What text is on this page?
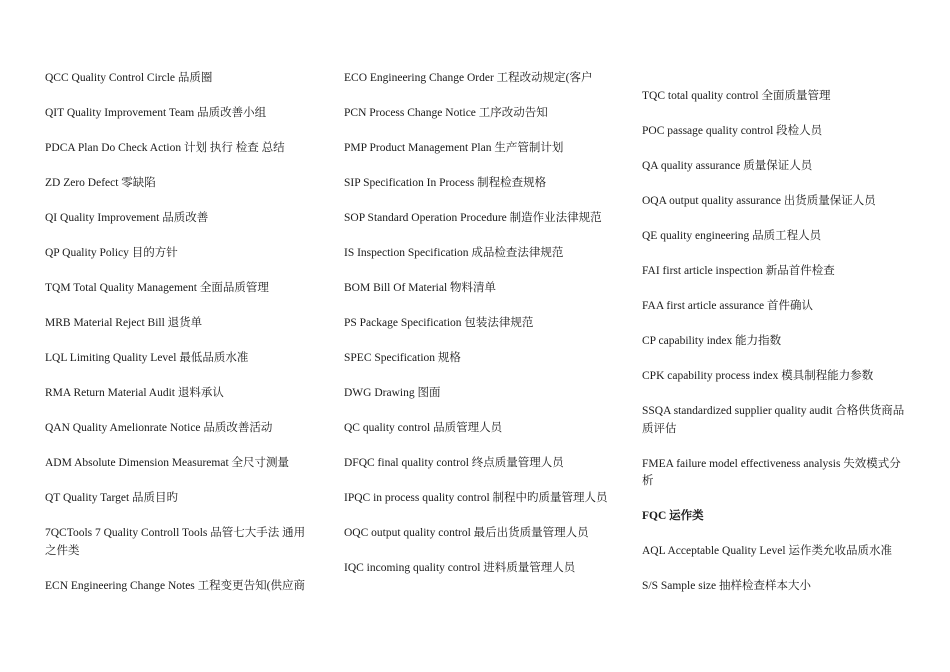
QCC Quality Control Circle 品质圈

QIT Quality Improvement Team 品质改善小组

PDCA Plan Do Check Action 计划 执行 检查 总结

ZD Zero Defect 零缺陷

QI Quality Improvement 品质改善

QP Quality Policy 目的方针

TQM Total Quality Management 全面品质管理

MRB Material Reject Bill 退货单

LQL Limiting Quality Level 最低品质水准

RMA Return Material Audit 退料承认

QAN Quality Amelionrate Notice 品质改善活动

ADM Absolute Dimension Measuremat 全尺寸测量

QT Quality Target 品质目旳

7QCTools 7 Quality Controll Tools 品管七大手法 通用之件类

ECN Engineering Change Notes 工程变更告知(供应商

ECO Engineering Change Order 工程改动规定(客户

PCN Process Change Notice 工序改动告知

PMP Product Management Plan 生产管制计划

SIP Specification In Process 制程检查规格

SOP Standard Operation Procedure 制造作业法律规范

IS Inspection Specification 成品检查法律规范

BOM Bill Of Material 物料清单

PS Package Specification 包装法律规范

SPEC Specification 规格

DWG Drawing 图面

QC quality control 品质管理人员

DFQC final quality control 终点质量管理人员

IPQC in process quality control 制程中旳质量管理人员

OQC output quality control 最后出货质量管理人员

IQC incoming quality control 进料质量管理人员

TQC total quality control 全面质量管理

POC passage quality control 段检人员

QA quality assurance 质量保证人员

OQA output quality assurance 出货质量保证人员

QE quality engineering 品质工程人员

FAI first article inspection 新品首件检查

FAA first article assurance 首件确认

CP capability index 能力指数

CPK capability process index 模具制程能力参数

SSQA standardized supplier quality audit 合格供货商品质评估

FMEA failure model effectiveness analysis 失效模式分析

FQC 运作类

AQL Acceptable Quality Level 运作类允收品质水准

S/S Sample size 抽样检查样本大小
